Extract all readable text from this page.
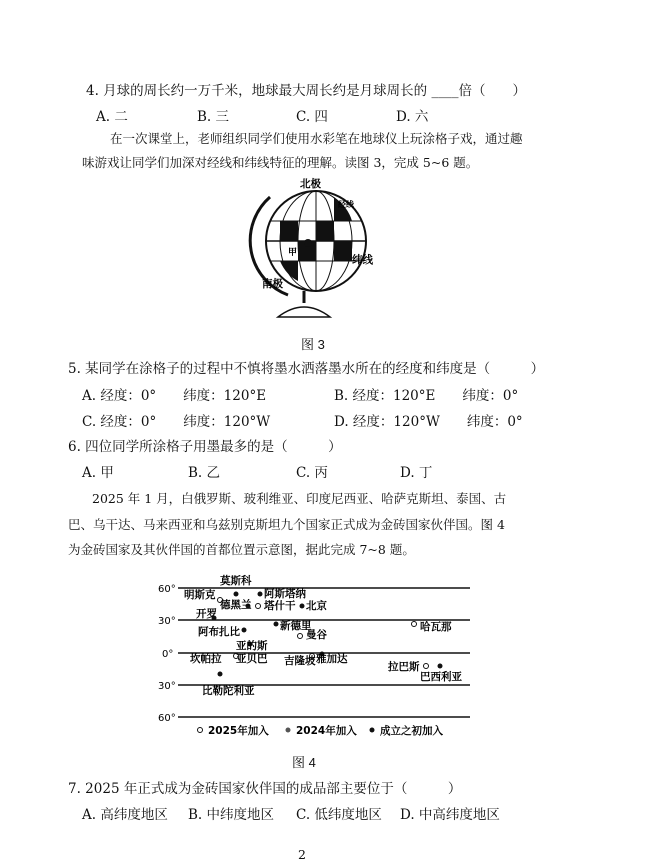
4. 月球的周长约一万千米，地球最大周长约是月球周长的 ____倍（　　）
A. 二	B. 三	C. 四	D. 六
在一次课堂上，老师组织同学们使用水彩笔在地球仪上玩涂格子戏，通过趣
味游戏让同学们加深对经线和纬线特征的理解。读图 3，完成 5~6 题。
北极
南极
甲
纬线
经线
图 3
5. 某同学在涂格子的过程中不慎将墨水洒落墨水所在的经度和纬度是（　　　）
A. 经度：0°　　纬度：120°E	B. 经度：120°E　　纬度：0°
C. 经度：0°　　纬度：120°W	D. 经度：120°W　　纬度：0°
6. 四位同学所涂格子用墨最多的是（　　　）
A. 甲	B. 乙	C. 丙	D. 丁
2025 年 1 月，白俄罗斯、玻利维亚、印度尼西亚、哈萨克斯坦、泰国、古
巴、乌干达、马来西亚和乌兹别克斯坦九个国家正式成为金砖国家伙伴国。图 4
为金砖国家及其伙伴国的首都位置示意图，据此完成 7~8 题。
60°
30°
0°
30°
60°
莫斯科
明斯克	阿斯塔纳
德黑兰 塔什干 北京
开罗
阿布扎比	新德里	哈瓦那
曼谷
亚的斯
坎帕拉 亚贝巴 吉隆坡 雅加达
拉巴斯
巴西利亚
比勒陀利亚
2025年加入	2024年加入 成立之初加入
图 4
7. 2025 年正式成为金砖国家伙伴国的成品部主要位于（　　　）
A. 高纬度地区 B. 中纬度地区 C. 低纬度地区 D. 中高纬度地区
2
